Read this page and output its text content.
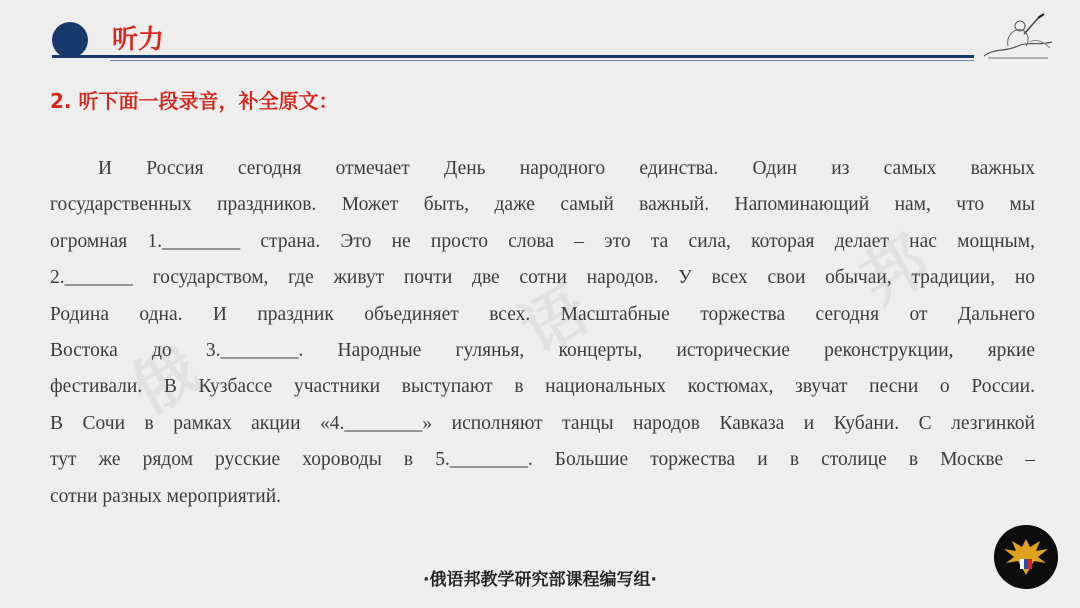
听力
2. 听下面一段录音，补全原文：
俄
语
邦
И Россия сегодня отмечает День народного единства. Один из самых важных
государственных праздников. Может быть, даже самый важный. Напоминающий нам, что мы
огромная 1.________ страна. Это не просто слова – это та сила, которая делает нас мощным,
2._______ государством, где живут почти две сотни народов. У всех свои обычаи, традиции, но
Родина одна. И праздник объединяет всех. Масштабные торжества сегодня от Дальнего
Востока до 3.________. Народные гулянья, концерты, исторические реконструкции, яркие
фестивали. В Кузбассе участники выступают в национальных костюмах, звучат песни о России.
В Сочи в рамках акции «4.________» исполняют танцы народов Кавказа и Кубани. С лезгинкой
тут же рядом русские хороводы в 5.________. Большие торжества и в столице в Москве –
сотни разных мероприятий.
·俄语邦教学研究部课程编写组·
